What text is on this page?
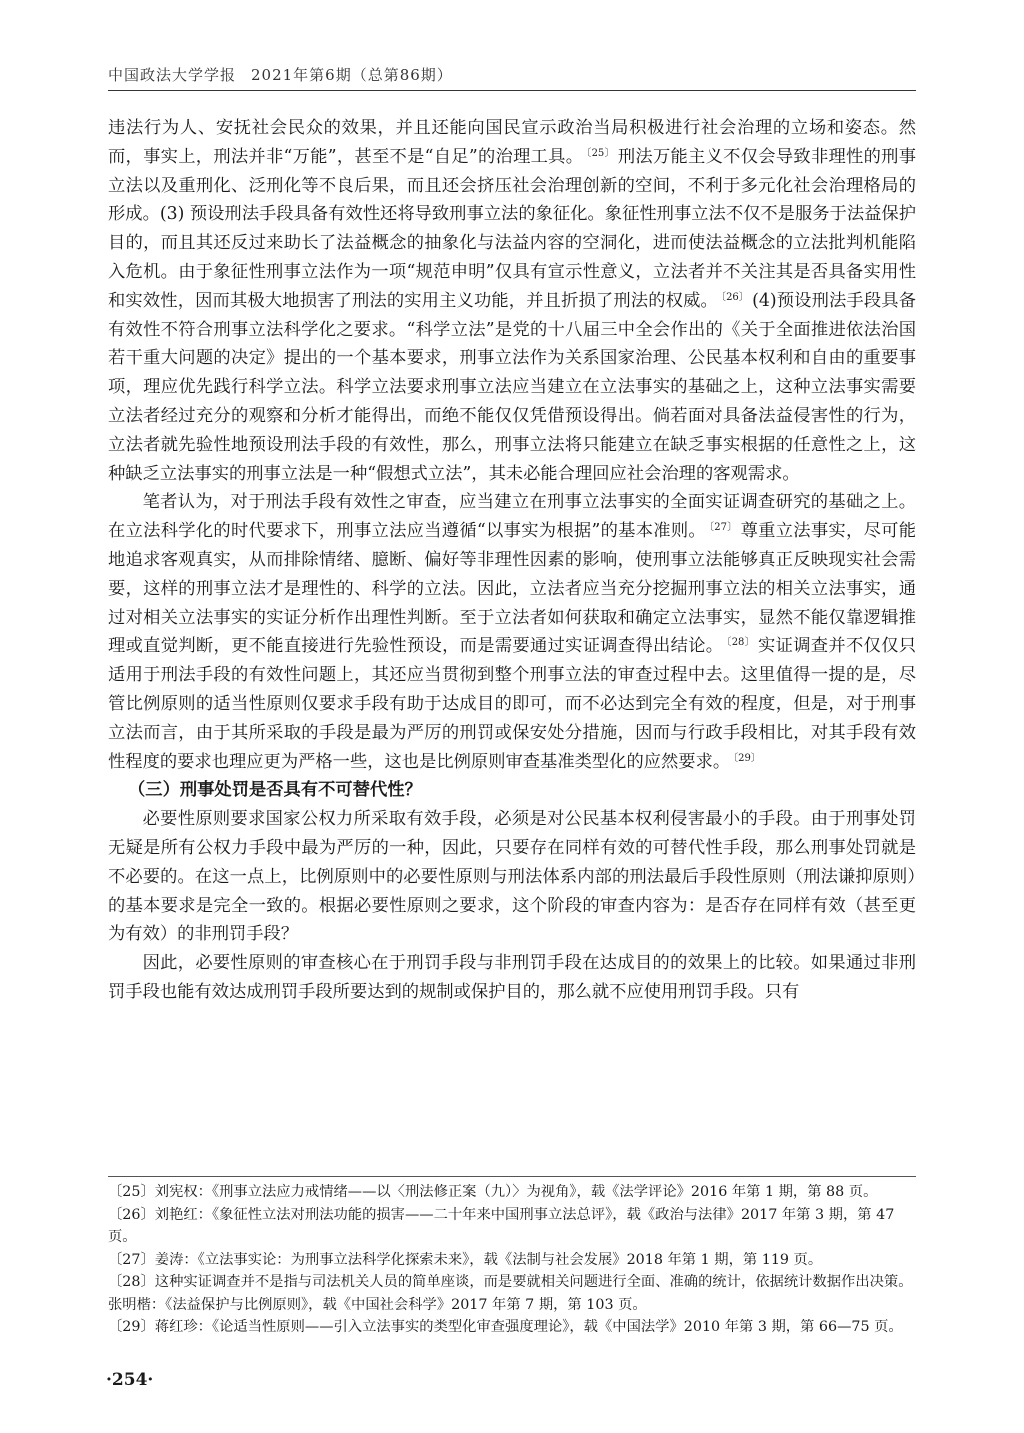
中国政法大学学报 2021年第6期（总第86期）

违法行为人、安抚社会民众的效果，并且还能向国民宣示政治当局积极进行社会治理的立场和姿态。然而，事实上，刑法并非“万能”，甚至不是“自足”的治理工具。 $^{〔25〕}$ 刑法万能主义不仅会导致非理性的刑事立法以及重刑化、泛刑化等不良后果，而且还会挤压社会治理创新的空间，不利于多元化社会治理格局的形成。(3) 预设刑法手段具备有效性还将导致刑事立法的象征化。象征性刑事立法不仅不是服务于法益保护目的，而且其还反过来助长了法益概念的抽象化与法益内容的空洞化，进而使法益概念的立法批判机能陷入危机。由于象征性刑事立法作为一项“规范申明”仅具有宣示性意义，立法者并不关注其是否具备实用性和实效性，因而其极大地损害了刑法的实用主义功能，并且折损了刑法的权威。 $^{〔26〕}$ (4)预设刑法手段具备有效性不符合刑事立法科学化之要求。“科学立法”是党的十八届三中全会作出的《关于全面推进依法治国若干重大问题的决定》提出的一个基本要求，刑事立法作为关系国家治理、公民基本权利和自由的重要事项，理应优先践行科学立法。科学立法要求刑事立法应当建立在立法事实的基础之上，这种立法事实需要立法者经过充分的观察和分析才能得出，而绝不能仅仅凭借预设得出。倘若面对具备法益侵害性的行为，立法者就先验性地预设刑法手段的有效性，那么，刑事立法将只能建立在缺乏事实根据的任意性之上，这种缺乏立法事实的刑事立法是一种“假想式立法”，其未必能合理回应社会治理的客观需求。

笔者认为，对于刑法手段有效性之审查，应当建立在刑事立法事实的全面实证调查研究的基础之上。在立法科学化的时代要求下，刑事立法应当遵循“以事实为根据”的基本准则。 $^{〔27〕}$ 尊重立法事实，尽可能地追求客观真实，从而排除情绪、臆断、偏好等非理性因素的影响，使刑事立法能够真正反映现实社会需要，这样的刑事立法才是理性的、科学的立法。因此，立法者应当充分挖掘刑事立法的相关立法事实，通过对相关立法事实的实证分析作出理性判断。至于立法者如何获取和确定立法事实，显然不能仅靠逻辑推理或直觉判断，更不能直接进行先验性预设，而是需要通过实证调查得出结论。 $^{〔28〕}$ 实证调查并不仅仅只适用于刑法手段的有效性问题上，其还应当贯彻到整个刑事立法的审查过程中去。这里值得一提的是，尽管比例原则的适当性原则仅要求手段有助于达成目的即可，而不必达到完全有效的程度，但是，对于刑事立法而言，由于其所采取的手段是最为严厉的刑罚或保安处分措施，因而与行政手段相比，对其手段有效性程度的要求也理应更为严格一些，这也是比例原则审查基准类型化的应然要求。 $^{〔29〕}$

（三）刑事处罚是否具有不可替代性？

必要性原则要求国家公权力所采取有效手段，必须是对公民基本权利侵害最小的手段。由于刑事处罚无疑是所有公权力手段中最为严厉的一种，因此，只要存在同样有效的可替代性手段，那么刑事处罚就是不必要的。在这一点上，比例原则中的必要性原则与刑法体系内部的刑法最后手段性原则（刑法谦抑原则）的基本要求是完全一致的。根据必要性原则之要求，这个阶段的审查内容为：是否存在同样有效（甚至更为有效）的非刑罚手段？

因此，必要性原则的审查核心在于刑罚手段与非刑罚手段在达成目的的效果上的比较。如果通过非刑罚手段也能有效达成刑罚手段所要达到的规制或保护目的，那么就不应使用刑罚手段。只有

〔25〕刘宪权：《刑事立法应力戒情绪——以〈刑法修正案（九）〉为视角》，载《法学评论》2016 年第 1 期，第 88 页。
〔26〕刘艳红：《象征性立法对刑法功能的损害——二十年来中国刑事立法总评》，载《政治与法律》2017 年第 3 期，第 47 页。
〔27〕姜涛：《立法事实论：为刑事立法科学化探索未来》，载《法制与社会发展》2018 年第 1 期，第 119 页。
〔28〕这种实证调查并不是指与司法机关人员的简单座谈，而是要就相关问题进行全面、准确的统计，依据统计数据作出决策。张明楷：《法益保护与比例原则》，载《中国社会科学》2017 年第 7 期，第 103 页。
〔29〕蒋红珍：《论适当性原则——引入立法事实的类型化审查强度理论》，载《中国法学》2010 年第 3 期，第 66—75 页。
·254·
